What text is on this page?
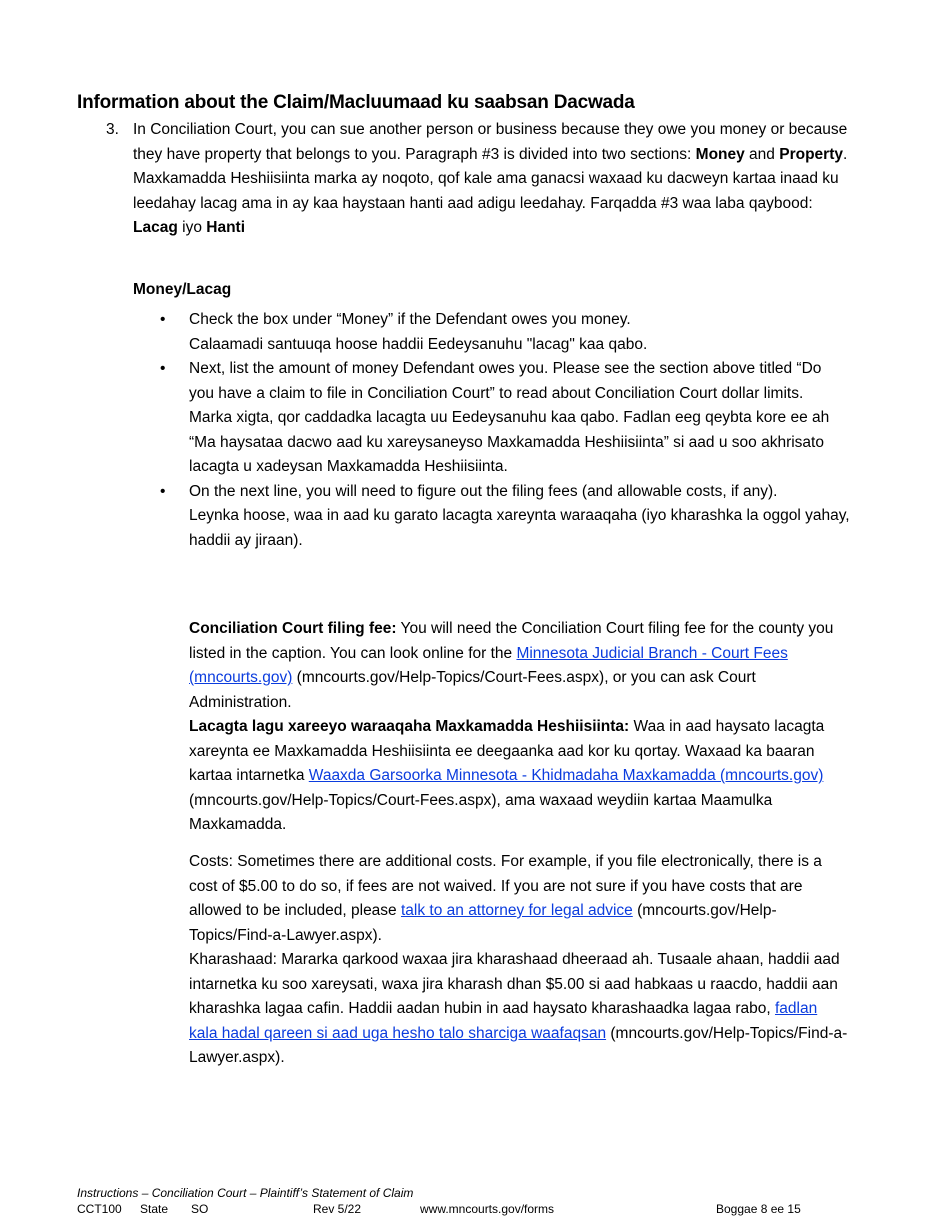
Information about the Claim/Macluumaad ku saabsan Dacwada
3. In Conciliation Court, you can sue another person or business because they owe you money or because they have property that belongs to you. Paragraph #3 is divided into two sections: Money and Property.

Maxkamadda Heshiisiinta marka ay noqoto, qof kale ama ganacsi waxaad ku dacweyn kartaa inaad ku leedahay lacag ama in ay kaa haystaan hanti aad adigu leedahay. Farqadda #3 waa laba qaybood: Lacag iyo Hanti

Money/Lacag
• Check the box under “Money” if the Defendant owes you money.

Calaamadi santuuqa hoose haddii Eedeysanuhu "lacag" kaa qabo.

• Next, list the amount of money Defendant owes you. Please see the section above titled “Do you have a claim to file in Conciliation Court” to read about Conciliation Court dollar limits.

Marka xigta, qor caddadka lacagta uu Eedeysanuhu kaa qabo. Fadlan eeg qeybta kore ee ah “Ma haysataa dacwo aad ku xareysaneyso Maxkamadda Heshiisiinta” si aad u soo akhrisato lacagta u xadeysan Maxkamadda Heshiisiinta.

• On the next line, you will need to figure out the filing fees (and allowable costs, if any).

Leynka hoose, waa in aad ku garato lacagta xareynta waraaqaha (iyo kharashka la oggol yahay, haddii ay jiraan).

Conciliation Court filing fee: You will need the Conciliation Court filing fee for the county you listed in the caption. You can look online for the Minnesota Judicial Branch - Court Fees (mncourts.gov) (mncourts.gov/Help-Topics/Court-Fees.aspx), or you can ask Court Administration.

Lacagta lagu xareeyo waraaqaha Maxkamadda Heshiisiinta: Waa in aad haysato lacagta xareynta ee Maxkamadda Heshiisiinta ee deegaanka aad kor ku qortay. Waxaad ka baaran kartaa intarnetka Waaxda Garsoorka Minnesota - Khidmadaha Maxkamadda (mncourts.gov) (mncourts.gov/Help-Topics/Court-Fees.aspx), ama waxaad weydiin kartaa Maamulka Maxkamadda.

Costs: Sometimes there are additional costs. For example, if you file electronically, there is a cost of $5.00 to do so, if fees are not waived. If you are not sure if you have costs that are allowed to be included, please talk to an attorney for legal advice (mncourts.gov/Help-Topics/Find-a-Lawyer.aspx).

Kharashaad: Mararka qarkood waxaa jira kharashaad dheeraad ah. Tusaale ahaan, haddii aad intarnetka ku soo xareysati, waxa jira kharash dhan $5.00 si aad habkaas u raacdo, haddii aan kharashka lagaa cafin. Haddii aadan hubin in aad haysato kharashaadka lagaa rabo, fadlan kala hadal qareen si aad uga hesho talo sharciga waafaqsan (mncourts.gov/Help-Topics/Find-a-Lawyer.aspx).

Instructions – Conciliation Court – Plaintiff’s Statement of Claim
CCT100 State SO	Rev 5/22	www.mncourts.gov/forms	Boggae 8 ee 15
